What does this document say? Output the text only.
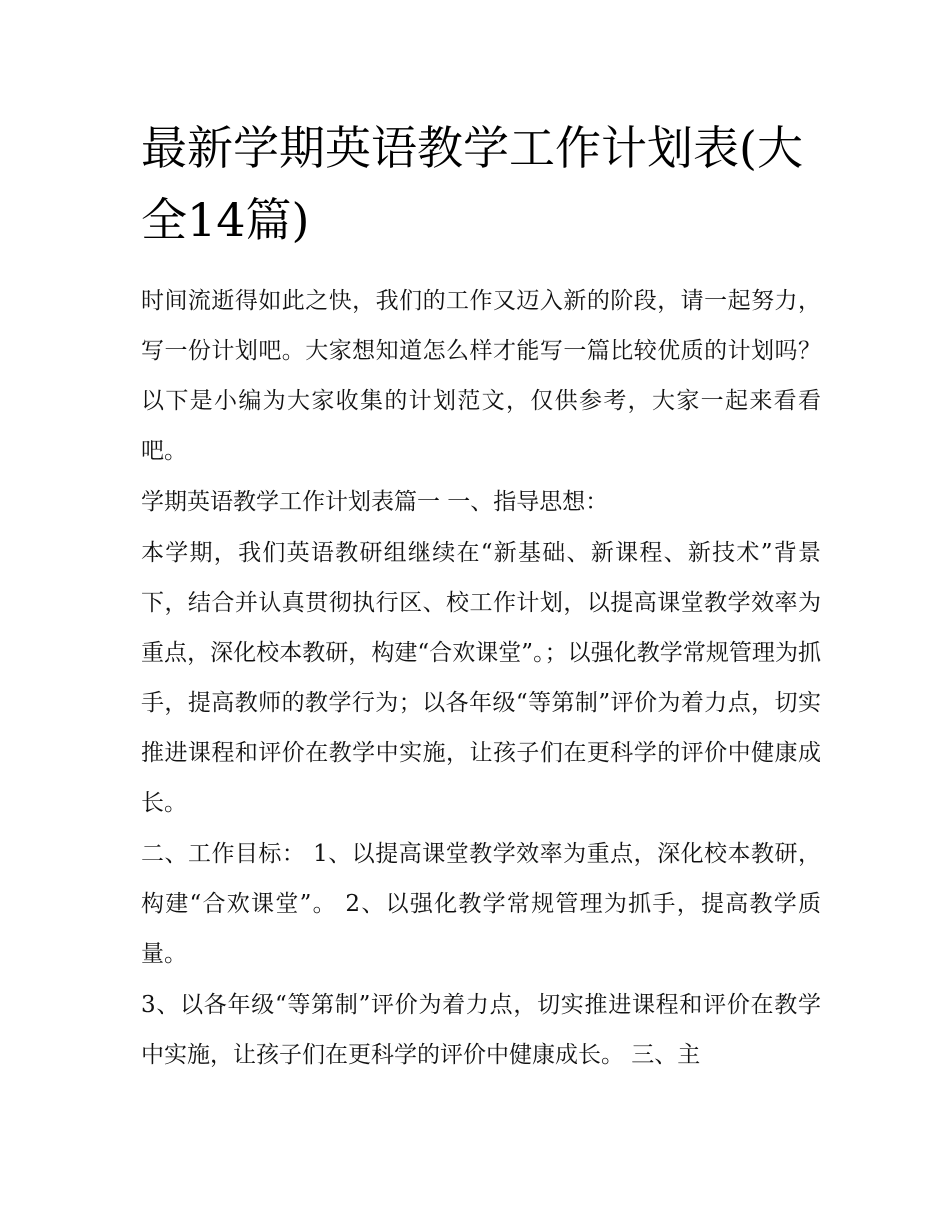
最新学期英语教学工作计划表(大全14篇)

时间流逝得如此之快，我们的工作又迈入新的阶段，请一起努力，写一份计划吧。大家想知道怎么样才能写一篇比较优质的计划吗？以下是小编为大家收集的计划范文，仅供参考，大家一起来看看吧。

学期英语教学工作计划表篇一 一、指导思想：

本学期，我们英语教研组继续在“新基础、新课程、新技术”背景下，结合并认真贯彻执行区、校工作计划，以提高课堂教学效率为重点，深化校本教研，构建“合欢课堂”。；以强化教学常规管理为抓手，提高教师的教学行为；以各年级“等第制”评价为着力点，切实推进课程和评价在教学中实施，让孩子们在更科学的评价中健康成长。

二、工作目标： 1、以提高课堂教学效率为重点，深化校本教研，构建“合欢课堂”。 2、以强化教学常规管理为抓手，提高教学质量。

3、以各年级“等第制”评价为着力点，切实推进课程和评价在教学中实施，让孩子们在更科学的评价中健康成长。 三、主
